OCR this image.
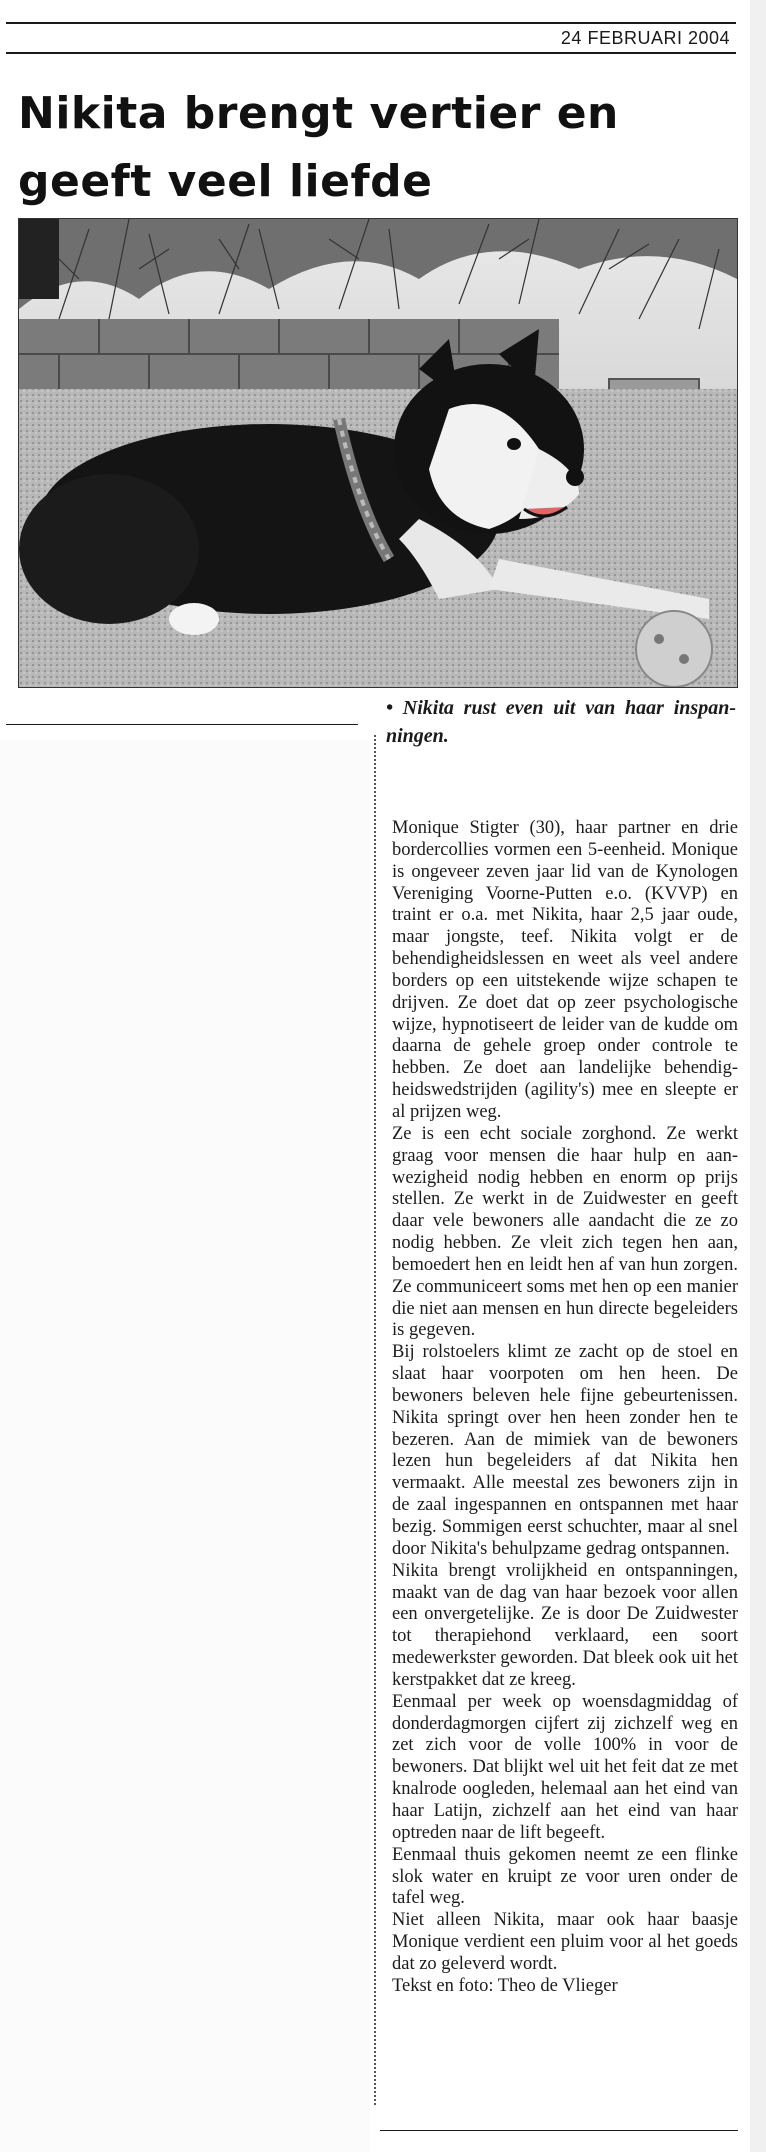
24 FEBRUARI 2004
Nikita brengt vertier en geeft veel liefde
• Nikita rust even uit van haar inspanningen.

Monique Stigter (30), haar partner en drie bordercollies vormen een 5-eenheid. Monique is ongeveer zeven jaar lid van de Kynologen Vereniging Voorne-Putten e.o. (KVVP) en traint er o.a. met Nikita, haar 2,5 jaar oude, maar jongste, teef. Nikita volgt er de behendigheidslessen en weet als veel andere borders op een uitstekende wijze schapen te drijven. Ze doet dat op zeer psychologische wijze, hypnotiseert de leider van de kudde om daarna de gehele groep onder controle te hebben. Ze doet aan landelijke behendigheidswedstrijden (agility's) mee en sleepte er al prijzen weg.

Ze is een echt sociale zorghond. Ze werkt graag voor mensen die haar hulp en aanwezigheid nodig hebben en enorm op prijs stellen. Ze werkt in de Zuidwester en geeft daar vele bewoners alle aandacht die ze zo nodig hebben. Ze vleit zich tegen hen aan, bemoedert hen en leidt hen af van hun zorgen. Ze communiceert soms met hen op een manier die niet aan mensen en hun directe begeleiders is gegeven.

Bij rolstoelers klimt ze zacht op de stoel en slaat haar voorpoten om hen heen. De bewoners beleven hele fijne gebeurtenissen. Nikita springt over hen heen zonder hen te bezeren. Aan de mimiek van de bewoners lezen hun begeleiders af dat Nikita hen vermaakt. Alle meestal zes bewoners zijn in de zaal ingespannen en ontspannen met haar bezig. Sommigen eerst schuchter, maar al snel door Nikita's behulpzame gedrag ontspannen.

Nikita brengt vrolijkheid en ontspanningen, maakt van de dag van haar bezoek voor allen een onvergetelijke. Ze is door De Zuidwester tot therapiehond verklaard, een soort medewerkster geworden. Dat bleek ook uit het kerstpakket dat ze kreeg.

Eenmaal per week op woensdagmiddag of donderdagmorgen cijfert zij zichzelf weg en zet zich voor de volle 100% in voor de bewoners. Dat blijkt wel uit het feit dat ze met knalrode oogleden, helemaal aan het eind van haar Latijn, zichzelf aan het eind van haar optreden naar de lift begeeft.

Eenmaal thuis gekomen neemt ze een flinke slok water en kruipt ze voor uren onder de tafel weg.

Niet alleen Nikita, maar ook haar baasje Monique verdient een pluim voor al het goeds dat zo geleverd wordt.

Tekst en foto: Theo de Vlieger
